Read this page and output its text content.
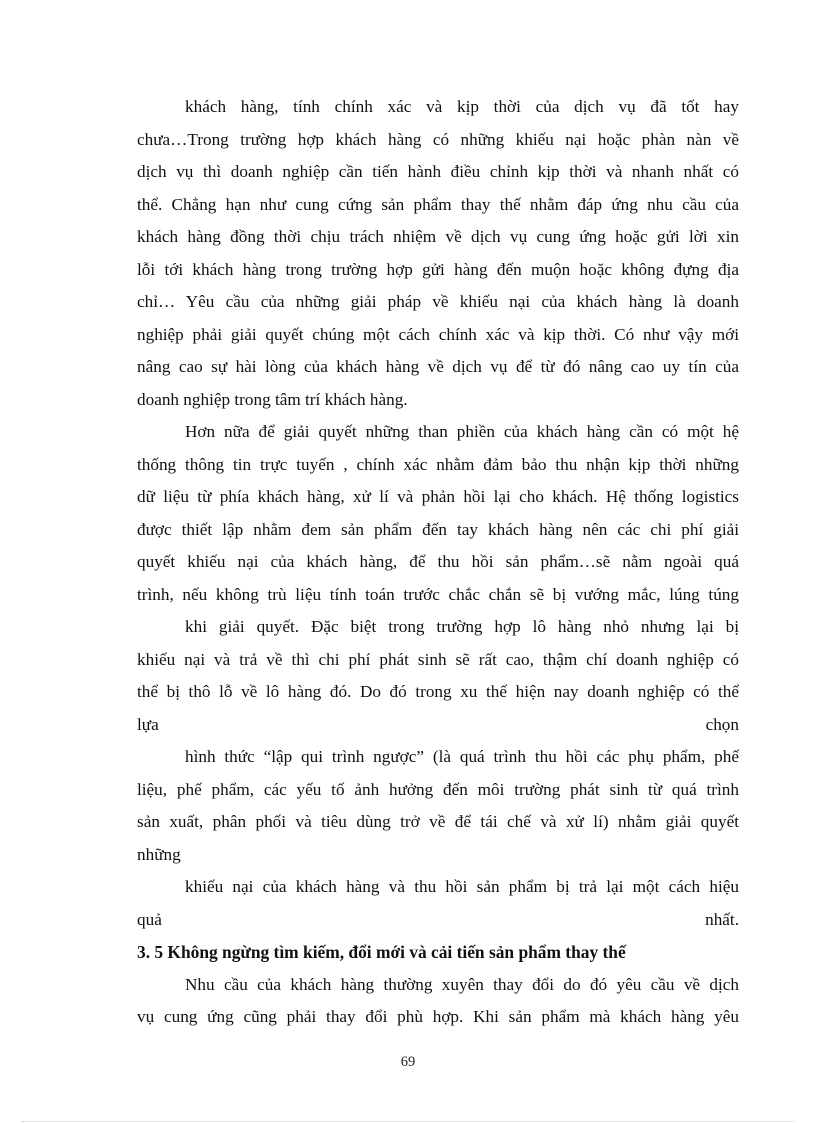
khách hàng, tính chính xác và kịp thời của dịch vụ đã tốt hay
chưa…Trong trường hợp khách hàng có những khiếu nại hoặc phàn nàn về
dịch vụ thì doanh nghiệp cần tiến hành điều chỉnh kịp thời và nhanh nhất có
thể. Chẳng hạn như cung cứng sản phẩm thay thế nhằm đáp ứng nhu cầu của
khách hàng đồng thời chịu trách nhiệm về dịch vụ cung ứng hoặc gửi lời xin
lỗi tới khách hàng trong trường hợp gửi hàng đến muộn hoặc không đựng địa
chỉ… Yêu cầu của những giải pháp về khiếu nại của khách hàng là doanh
nghiệp phải giải quyết chúng một cách chính xác và kịp thời. Có như vậy mới
nâng cao sự hài lòng của khách hàng về dịch vụ để từ đó nâng cao uy tín của
doanh nghiệp trong tâm trí khách hàng.
Hơn nữa để giải quyết những than phiền của khách hàng cần có một hệ
thống thông tin trực tuyến , chính xác nhằm đảm bảo thu nhận kịp thời những
dữ liệu từ phía khách hàng, xử lí và phản hồi lại cho khách. Hệ thống logistics
được thiết lập nhằm đem sản phẩm đến tay khách hàng nên các chi phí giải
quyết khiếu nại của khách hàng, để thu hồi sản phẩm…sẽ nằm ngoài quá
trình, nếu không trù liệu tính toán trước chắc chắn sẽ bị vướng mắc, lúng túng
khi giải quyết. Đặc biệt trong trường hợp lô hàng nhỏ nhưng lại bị
khiếu nại và trả về thì chi phí phát sinh sẽ rất cao, thậm chí doanh nghiệp có
thể bị thô lỗ về lô hàng đó. Do đó trong xu thế hiện nay doanh nghiệp có thể
lựa chọn
hình thức “lập qui trình ngược” (là quá trình thu hồi các phụ phẩm, phế
liệu, phế phẩm, các yếu tố ảnh hưởng đến môi trường phát sinh từ quá trình
sản xuất, phân phối và tiêu dùng trở về để tái chế và xử lí) nhằm giải quyết
những
khiếu nại của khách hàng và thu hồi sản phẩm bị trả lại một cách hiệu
quả nhất.
3. 5 Không ngừng tìm kiếm, đổi mới và cải tiến sản phẩm thay thế
Nhu cầu của khách hàng thường xuyên thay đổi do đó yêu cầu về dịch
vụ cung ứng cũng phải thay đổi phù hợp. Khi sản phẩm mà khách hàng yêu
69
